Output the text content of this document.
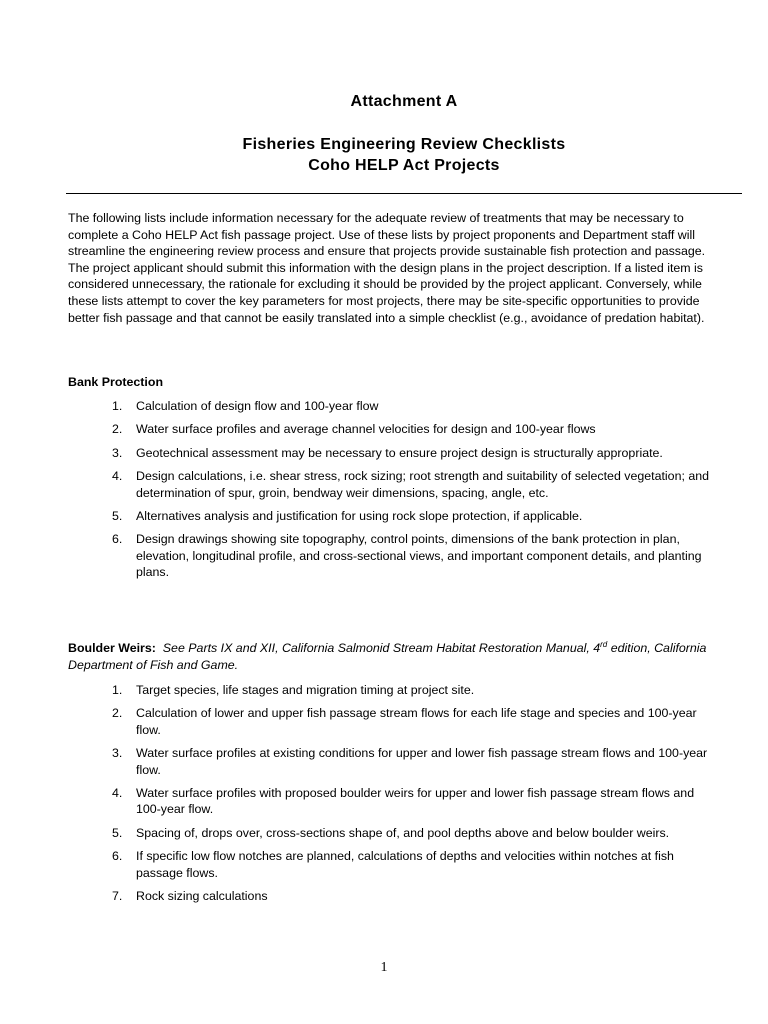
Attachment A
Fisheries Engineering Review Checklists
Coho HELP Act Projects

The following lists include information necessary for the adequate review of treatments that may be necessary to complete a Coho HELP Act fish passage project. Use of these lists by project proponents and Department staff will streamline the engineering review process and ensure that projects provide sustainable fish protection and passage. The project applicant should submit this information with the design plans in the project description. If a listed item is considered unnecessary, the rationale for excluding it should be provided by the project applicant. Conversely, while these lists attempt to cover the key parameters for most projects, there may be site-specific opportunities to provide better fish passage and that cannot be easily translated into a simple checklist (e.g., avoidance of predation habitat).

Bank Protection

1.	Calculation of design flow and 100-year flow
2.	Water surface profiles and average channel velocities for design and 100-year flows
3.	Geotechnical assessment may be necessary to ensure project design is structurally appropriate.
4.	Design calculations, i.e. shear stress, rock sizing; root strength and suitability of selected vegetation; and determination of spur, groin, bendway weir dimensions, spacing, angle, etc.
5.	Alternatives analysis and justification for using rock slope protection, if applicable.
6.	Design drawings showing site topography, control points, dimensions of the bank protection in plan, elevation, longitudinal profile, and cross-sectional views, and important component details, and planting plans.

Boulder Weirs: See Parts IX and XII, California Salmonid Stream Habitat Restoration Manual, 4rd edition, California Department of Fish and Game.

1.	Target species, life stages and migration timing at project site.
2.	Calculation of lower and upper fish passage stream flows for each life stage and species and 100-year flow.
3.	Water surface profiles at existing conditions for upper and lower fish passage stream flows and 100-year flow.
4.	Water surface profiles with proposed boulder weirs for upper and lower fish passage stream flows and 100-year flow.
5.	Spacing of, drops over, cross-sections shape of, and pool depths above and below boulder weirs.
6.	If specific low flow notches are planned, calculations of depths and velocities within notches at fish passage flows.
7.	Rock sizing calculations
1
